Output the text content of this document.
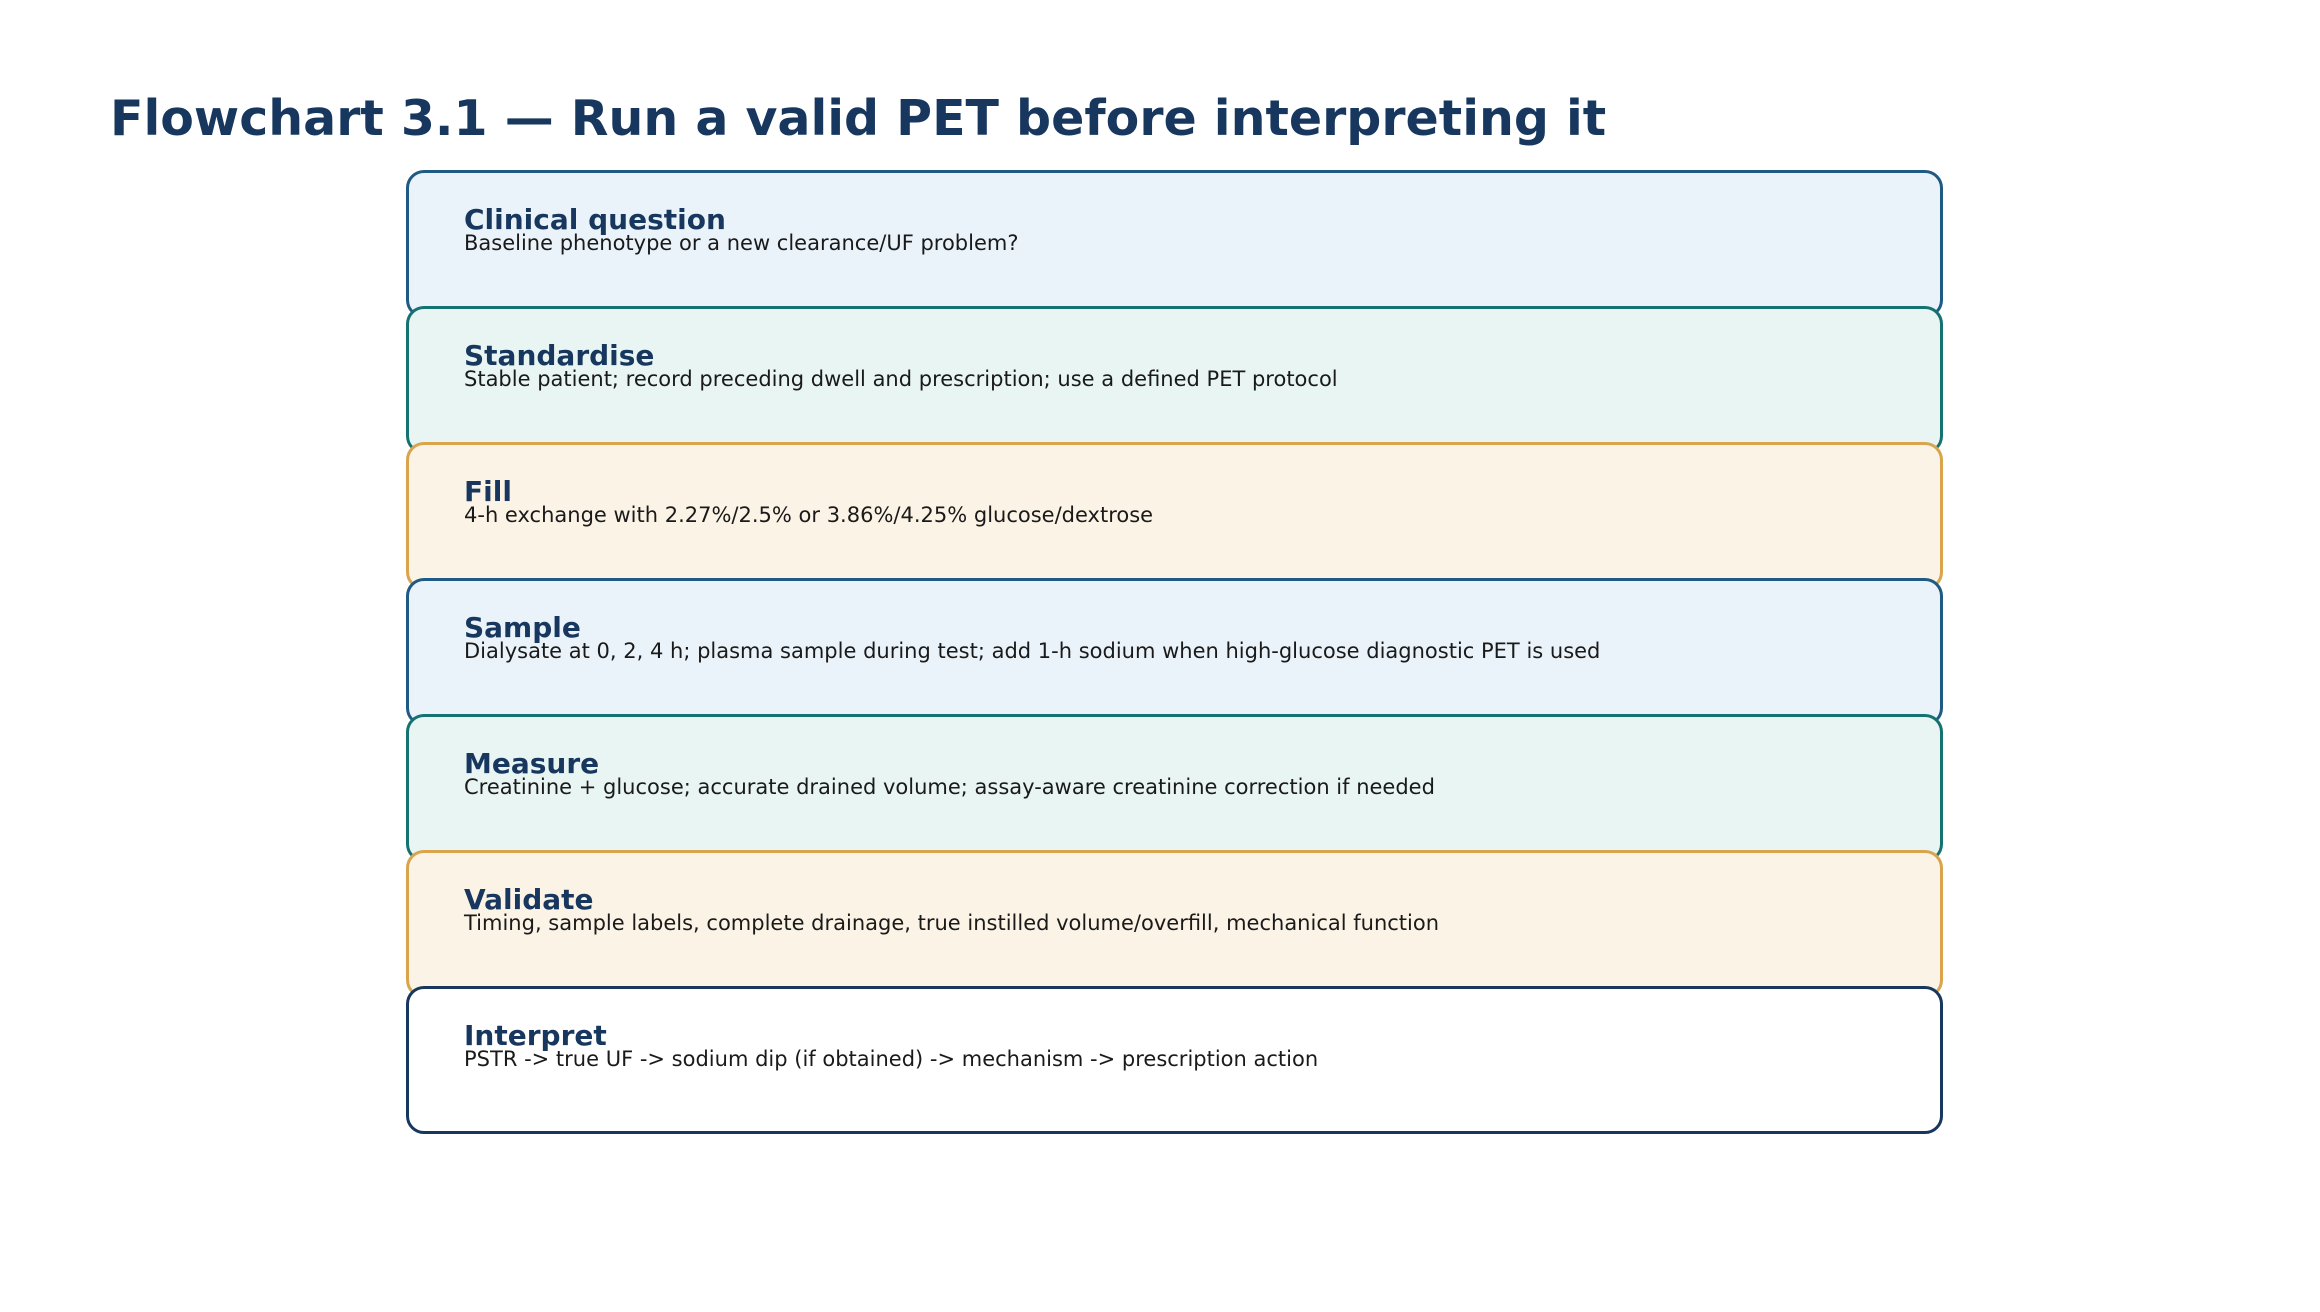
Flowchart 3.1 — Run a valid PET before interpreting it
Clinical question
Baseline phenotype or a new clearance/UF problem?
Standardise
Stable patient; record preceding dwell and prescription; use a defined PET protocol
Fill
4-h exchange with 2.27%/2.5% or 3.86%/4.25% glucose/dextrose
Sample
Dialysate at 0, 2, 4 h; plasma sample during test; add 1-h sodium when high-glucose diagnostic PET is used
Measure
Creatinine + glucose; accurate drained volume; assay-aware creatinine correction if needed
Validate
Timing, sample labels, complete drainage, true instilled volume/overfill, mechanical function
Interpret
PSTR -> true UF -> sodium dip (if obtained) -> mechanism -> prescription action
